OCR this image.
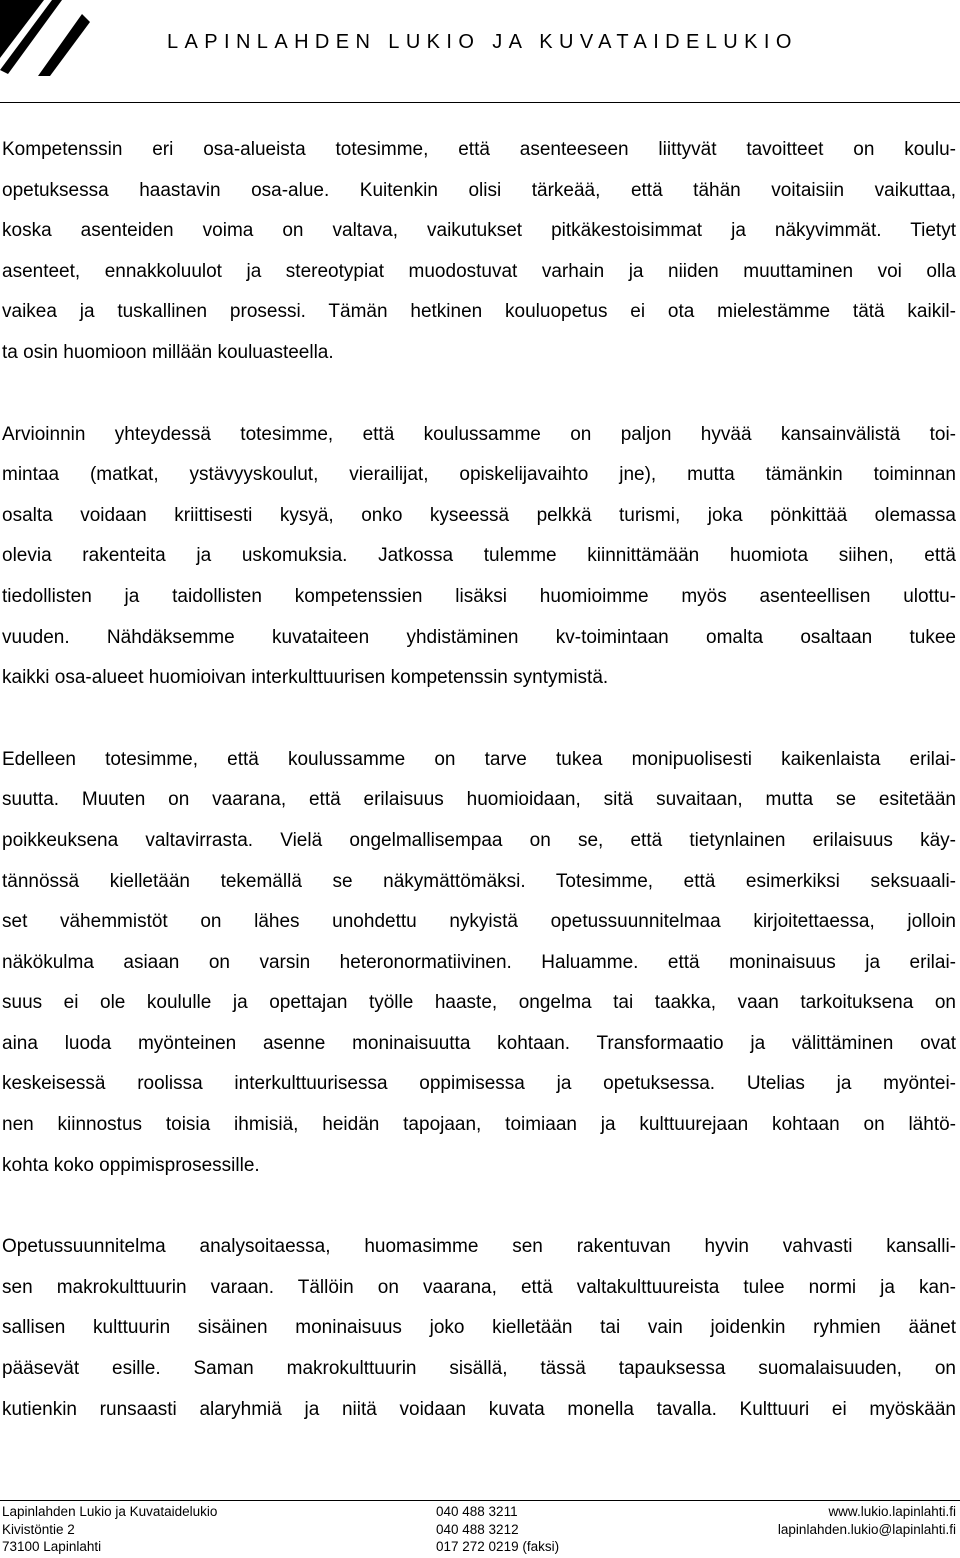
LAPINLAHDEN LUKIO JA KUVATAIDELUKIO

Kompetenssin eri osa-alueista totesimme, että asenteeseen liittyvät tavoitteet on koulu-
opetuksessa haastavin osa-alue. Kuitenkin olisi tärkeää, että tähän voitaisiin vaikuttaa,
koska asenteiden voima on valtava, vaikutukset pitkäkestoisimmat ja näkyvimmät. Tietyt
asenteet, ennakkoluulot ja stereotypiat muodostuvat varhain ja niiden muuttaminen voi olla
vaikea ja tuskallinen prosessi. Tämän hetkinen kouluopetus ei ota mielestämme tätä kaikil-
ta osin huomioon millään kouluasteella.

Arvioinnin yhteydessä totesimme, että koulussamme on paljon hyvää kansainvälistä toi-
mintaa (matkat, ystävyyskoulut, vierailijat, opiskelijavaihto jne), mutta tämänkin toiminnan
osalta voidaan kriittisesti kysyä, onko kyseessä pelkkä turismi, joka pönkittää olemassa
olevia rakenteita ja uskomuksia. Jatkossa tulemme kiinnittämään huomiota siihen, että
tiedollisten ja taidollisten kompetenssien lisäksi huomioimme myös asenteellisen ulottu-
vuuden. Nähdäksemme kuvataiteen yhdistäminen kv-toimintaan omalta osaltaan tukee
kaikki osa-alueet huomioivan interkulttuurisen kompetenssin syntymistä.

Edelleen totesimme, että koulussamme on tarve tukea monipuolisesti kaikenlaista erilai-
suutta. Muuten on vaarana, että erilaisuus huomioidaan, sitä suvaitaan, mutta se esitetään
poikkeuksena valtavirrasta. Vielä ongelmallisempaa on se, että tietynlainen erilaisuus käy-
tännössä kielletään tekemällä se näkymättömäksi. Totesimme, että esimerkiksi seksuaali-
set vähemmistöt on lähes unohdettu nykyistä opetussuunnitelmaa kirjoitettaessa, jolloin
näkökulma asiaan on varsin heteronormatiivinen. Haluamme. että moninaisuus ja erilai-
suus ei ole koululle ja opettajan työlle haaste, ongelma tai taakka, vaan tarkoituksena on
aina luoda myönteinen asenne moninaisuutta kohtaan. Transformaatio ja välittäminen ovat
keskeisessä roolissa interkulttuurisessa oppimisessa ja opetuksessa. Utelias ja myöntei-
nen kiinnostus toisia ihmisiä, heidän tapojaan, toimiaan ja kulttuurejaan kohtaan on lähtö-
kohta koko oppimisprosessille.

Opetussuunnitelma analysoitaessa, huomasimme sen rakentuvan hyvin vahvasti kansalli-
sen makrokulttuurin varaan. Tällöin on vaarana, että valtakulttuureista tulee normi ja kan-
sallisen kulttuurin sisäinen moninaisuus joko kielletään tai vain joidenkin ryhmien äänet
pääsevät esille. Saman makrokulttuurin sisällä, tässä tapauksessa suomalaisuuden, on
kutienkin runsaasti alaryhmiä ja niitä voidaan kuvata monella tavalla. Kulttuuri ei myöskään

Lapinlahden Lukio ja Kuvataidelukio
Kivistöntie 2
73100 Lapinlahti
040 488 3211
040 488 3212
017 272 0219 (faksi)
www.lukio.lapinlahti.fi
lapinlahden.lukio@lapinlahti.fi
